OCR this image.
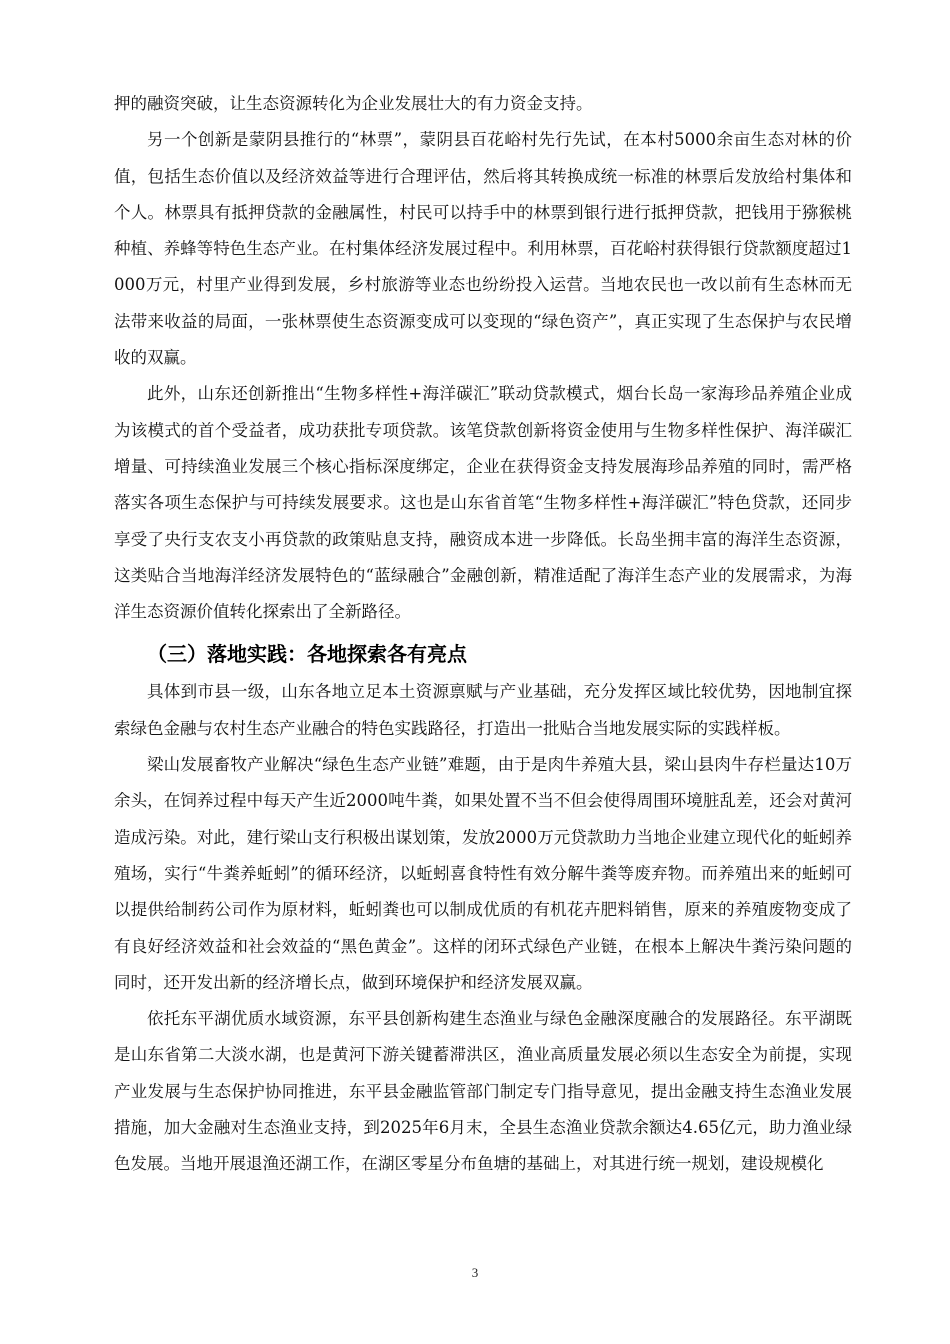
押的融资突破，让生态资源转化为企业发展壮大的有力资金支持。

另一个创新是蒙阴县推行的“林票”，蒙阴县百花峪村先行先试，在本村5000余亩生态对林的价值，包括生态价值以及经济效益等进行合理评估，然后将其转换成统一标准的林票后发放给村集体和个人。林票具有抵押贷款的金融属性，村民可以持手中的林票到银行进行抵押贷款，把钱用于猕猴桃种植、养蜂等特色生态产业。在村集体经济发展过程中。利用林票，百花峪村获得银行贷款额度超过1000万元，村里产业得到发展，乡村旅游等业态也纷纷投入运营。当地农民也一改以前有生态林而无法带来收益的局面，一张林票使生态资源变成可以变现的“绿色资产”，真正实现了生态保护与农民增收的双赢。

此外，山东还创新推出“生物多样性+海洋碳汇”联动贷款模式，烟台长岛一家海珍品养殖企业成为该模式的首个受益者，成功获批专项贷款。该笔贷款创新将资金使用与生物多样性保护、海洋碳汇增量、可持续渔业发展三个核心指标深度绑定，企业在获得资金支持发展海珍品养殖的同时，需严格落实各项生态保护与可持续发展要求。这也是山东省首笔“生物多样性+海洋碳汇”特色贷款，还同步享受了央行支农支小再贷款的政策贴息支持，融资成本进一步降低。长岛坐拥丰富的海洋生态资源，这类贴合当地海洋经济发展特色的“蓝绿融合”金融创新，精准适配了海洋生态产业的发展需求，为海洋生态资源价值转化探索出了全新路径。

（三）落地实践：各地探索各有亮点

具体到市县一级，山东各地立足本土资源禀赋与产业基础，充分发挥区域比较优势，因地制宜探索绿色金融与农村生态产业融合的特色实践路径，打造出一批贴合当地发展实际的实践样板。

梁山发展畜牧产业解决“绿色生态产业链”难题，由于是肉牛养殖大县，梁山县肉牛存栏量达10万余头，在饲养过程中每天产生近2000吨牛粪，如果处置不当不但会使得周围环境脏乱差，还会对黄河造成污染。对此，建行梁山支行积极出谋划策，发放2000万元贷款助力当地企业建立现代化的蚯蚓养殖场，实行“牛粪养蚯蚓”的循环经济，以蚯蚓喜食特性有效分解牛粪等废弃物。而养殖出来的蚯蚓可以提供给制药公司作为原材料，蚯蚓粪也可以制成优质的有机花卉肥料销售，原来的养殖废物变成了有良好经济效益和社会效益的“黑色黄金”。这样的闭环式绿色产业链，在根本上解决牛粪污染问题的同时，还开发出新的经济增长点，做到环境保护和经济发展双赢。

依托东平湖优质水域资源，东平县创新构建生态渔业与绿色金融深度融合的发展路径。东平湖既是山东省第二大淡水湖，也是黄河下游关键蓄滞洪区，渔业高质量发展必须以生态安全为前提，实现产业发展与生态保护协同推进，东平县金融监管部门制定专门指导意见，提出金融支持生态渔业发展措施，加大金融对生态渔业支持，到2025年6月末，全县生态渔业贷款余额达4.65亿元，助力渔业绿色发展。当地开展退渔还湖工作，在湖区零星分布鱼塘的基础上，对其进行统一规划，建设规模化

3
